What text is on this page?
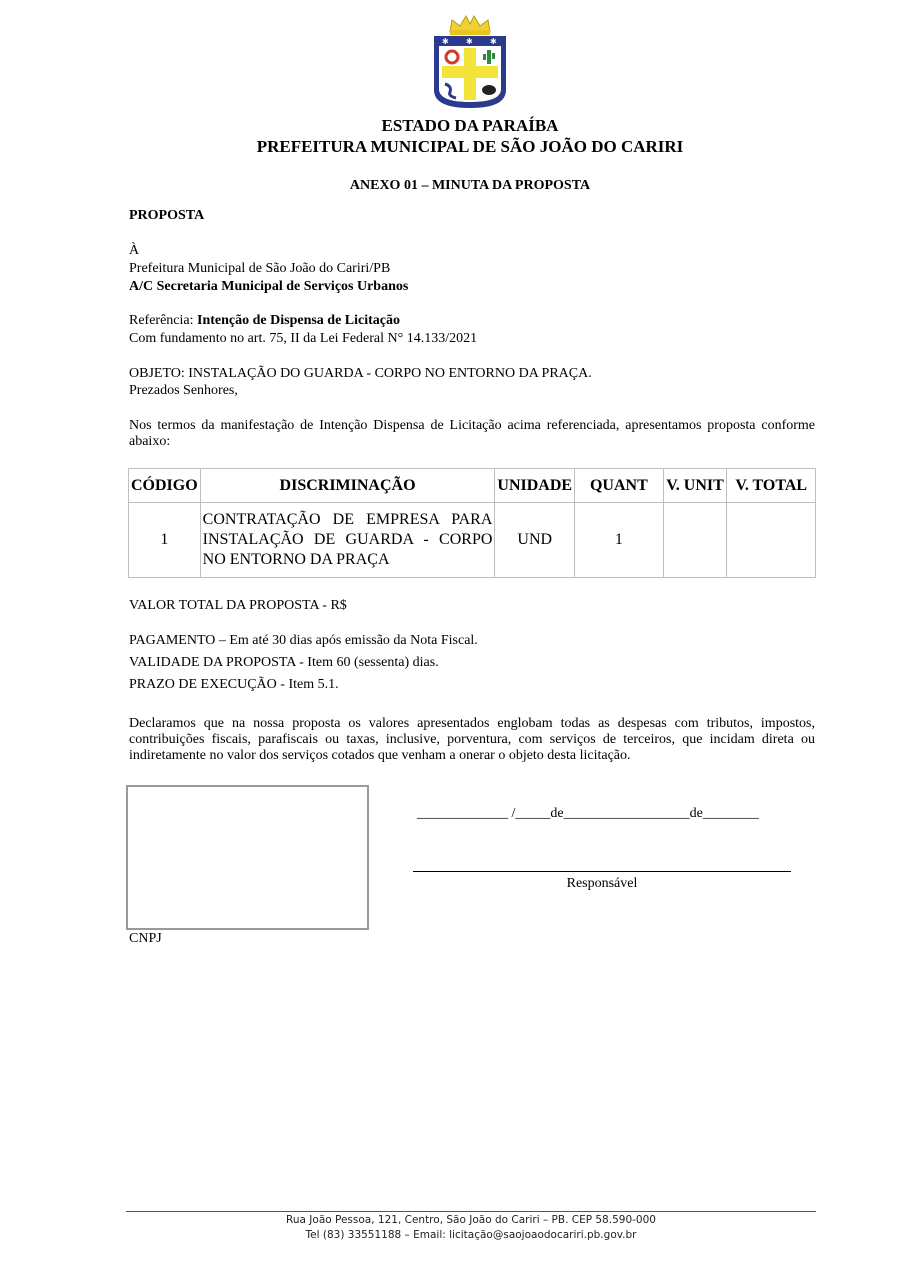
✱ ✱ ✱
ESTADO DA PARAÍBA
PREFEITURA MUNICIPAL DE SÃO JOÃO DO CARIRI
ANEXO 01 – MINUTA DA PROPOSTA
PROPOSTA
À
Prefeitura Municipal de São João do Cariri/PB
A/C Secretaria Municipal de Serviços Urbanos
Referência: Intenção de Dispensa de Licitação
Com fundamento no art. 75, II da Lei Federal N° 14.133/2021
OBJETO: INSTALAÇÃO DO GUARDA - CORPO NO ENTORNO DA PRAÇA.
Prezados Senhores,
Nos termos da manifestação de Intenção Dispensa de Licitação acima referenciada, apresentamos proposta conforme abaixo:
CÓDIGO	DISCRIMINAÇÃO	UNIDADE	QUANT	V. UNIT	V. TOTAL
1	CONTRATAÇÃO DE EMPRESA PARA INSTALAÇÃO DE GUARDA - CORPO NO ENTORNO DA PRAÇA	UND	1		
VALOR TOTAL DA PROPOSTA - R$
PAGAMENTO – Em até 30 dias após emissão da Nota Fiscal.
VALIDADE DA PROPOSTA - Item 60 (sessenta) dias.
PRAZO DE EXECUÇÃO - Item 5.1.
Declaramos que na nossa proposta os valores apresentados englobam todas as despesas com tributos, impostos, contribuições fiscais, parafiscais ou taxas, inclusive, porventura, com serviços de terceiros, que incidam direta ou indiretamente no valor dos serviços cotados que venham a onerar o objeto desta licitação.
CNPJ
_____________ /_____de__________________de________
Responsável
Rua João Pessoa, 121, Centro, São João do Cariri – PB. CEP 58.590-000
Tel (83) 33551188 – Email: licitação@saojoaodocariri.pb.gov.br
